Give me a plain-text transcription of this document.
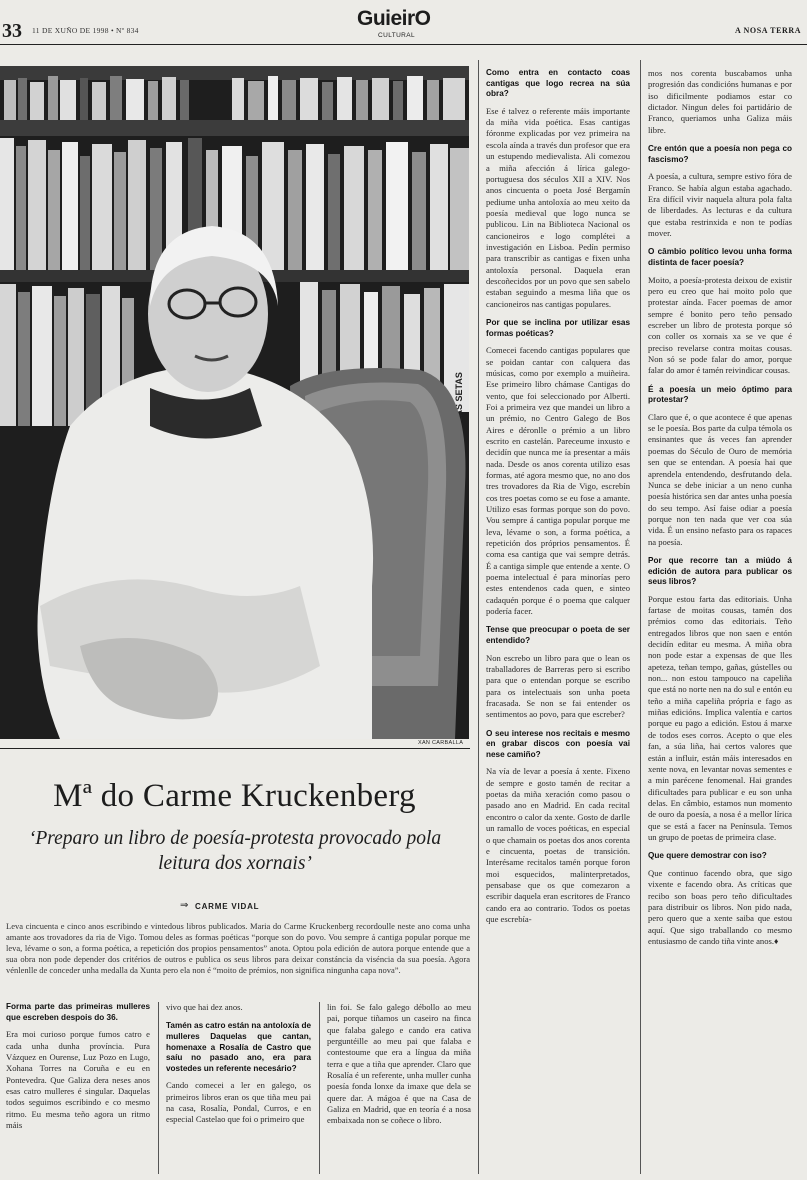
33 11 DE XUÑO DE 1998 • Nº 834
GuieirO
CULTURAL
A NOSA TERRA
LAS SETAS
XAN CARBALLA
Mª do Carme Kruckenberg
‘Preparo un libro de poesía-protesta provocado pola leitura dos xornais’
⇒ CARME VIDAL
Leva cincuenta e cinco anos escribindo e vintedous libros publicados. Maria do Carme Kruckenberg recordoulle neste ano coma unha amante aos trovadores da ria de Vigo. Tomou deles as formas poéticas “porque son do povo. Vou sempre á cantiga popular porque me leva, lévame o son, a forma poética, a repetición dos propios pensamentos” anota. Optou pola edición de autora porque entende que a sua obra non pode depender dos critérios de outros e publica os seus libros para deixar constáncia da viséncia da sua poesía. Agora vénlenlle de conceder unha medalla da Xunta pero ela non é “moito de prémios, non significa ningunha capa nova”.

Forma parte das primeiras mulleres que escreben despois do 36.

Era moi curioso porque fumos catro e cada unha dunha província. Pura Vázquez en Ourense, Luz Pozo en Lugo, Xohana Torres na Coruña e eu en Pontevedra. Que Galiza dera neses anos esas catro mulleres é singular. Daquelas todos seguimos escribindo e co mesmo ritmo. Eu mesma teño agora un ritmo máis

vivo que hai dez anos.

Tamén as catro están na antoloxía de mulleres Daquelas que cantan, homenaxe a Rosalía de Castro que saíu no pasado ano, era para vostedes un referente necesário?

Cando comecei a ler en galego, os primeiros libros eran os que tiña meu pai na casa, Rosalía, Pondal, Curros, e en especial Castelao que foi o primeiro que

lin foi. Se falo galego débollo ao meu pai, porque tiñamos un caseiro na finca que falaba galego e cando era cativa perguntéille ao meu pai que falaba e contestoume que era a língua da miña terra e que a tiña que aprender. Claro que Rosalía é un referente, unha muller cunha poesía fonda lonxe da imaxe que dela se quere dar. A mágoa é que na Casa de Galiza en Madrid, que en teoría é a nosa embaixada non se coñece o libro.

Como entra en contacto coas cantigas que logo recrea na súa obra?

Ese é talvez o referente máis importante da miña vida poética. Esas cantigas fóronme explicadas por vez primeira na escola aínda a través dun profesor que era un estupendo medievalista. Ali comezou a miña afección á lírica galego-portuguesa dos séculos XII a XIV. Nos anos cincuenta o poeta José Bergamín pediume unha antoloxía ao meu xeito da poesía medieval que logo nunca se publicou. Lin na Biblioteca Nacional os cancioneiros e logo complétei a investigación en Lisboa. Pedín permiso para transcribir as cantigas e fixen unha antoloxía personal. Daquela eran descoñecidos por un povo que sen sabelo estaban seguindo a mesma liña que os cancioneiros nas cantigas populares.

Por que se inclina por utilizar esas formas poéticas?

Comecei facendo cantigas populares que se poidan cantar con calquera das músicas, como por exemplo a muiñeira. Ese primeiro libro chámase Cantigas do vento, que foi seleccionado por Alberti. Foi a primeira vez que mandei un libro a un prémio, no Centro Galego de Bos Aires e déronlle o prémio a un libro escrito en castelán. Pareceume inxusto e decidín que nunca me ía presentar a máis nada. Desde os anos corenta utilizo esas formas, até agora mesmo que, no ano dos tres trovadores da Ria de Vigo, escrebín cos tres poetas como se eu fose a amante. Utilizo esas formas porque son do povo. Vou sempre á cantiga popular porque me leva, lévame o son, a forma poética, a repetición dos próprios pensamentos. É coma esa cantiga que vai sempre detrás. É a cantiga simple que entende a xente. O poema intelectual é para minorías pero estes entendenos cada quen, e sinteo cadaquén porque é o poema que calquer podería facer.

Tense que preocupar o poeta de ser entendido?

Non escrebo un libro para que o lean os traballadores de Barreras pero si escribo para que o entendan porque se escribo para os intelectuais son unha poeta fracasada. Se non se fai entender os sentimentos ao povo, para que escreber?

O seu interese nos recitais e mesmo en grabar discos con poesía vai nese camiño?

Na vía de levar a poesía á xente. Fixeno de sempre e gosto tamén de recitar a poetas da miña xeración como pasou o pasado ano en Madrid. En cada recital encontro o calor da xente. Gosto de darlle un ramallo de voces poéticas, en especial o que chamain os poetas dos anos corenta e cincuenta, poetas de transición. Interésame recitalos tamén porque foron moi esquecidos, malinterpretados, pensabase que os que comezaron a escribir daquela eran escritores de Franco cando era ao contrario. Todos os poetas que escrebía-

mos nos corenta buscabamos unha progresión das condicións humanas e por iso dificilmente podiamos estar co dictador. Ningun deles foi partidário de Franco, queriamos unha Galiza máis libre.

Cre entón que a poesía non pega co fascismo?

A poesía, a cultura, sempre estivo fóra de Franco. Se había algun estaba agachado. Era difícil vivir naquela altura pola falta de liberdades. As lecturas e da cultura que estaba restrinxida e non te podías mover.

O câmbio político levou unha forma distinta de facer poesía?

Moito, a poesía-protesta deixou de existir pero eu creo que hai moito polo que protestar aínda. Facer poemas de amor sempre é bonito pero teño pensado escreber un libro de protesta porque só con coller os xornais xa se ve que é preciso revelarse contra moitas cousas. Non só se pode falar do amor, porque falar do amor é tamén reivindicar cousas.

É a poesía un meio óptimo para protestar?

Claro que é, o que acontece é que apenas se le poesía. Bos parte da culpa témola os ensinantes que ás veces fan aprender poemas do Século de Ouro de memória sen que se entendan. A poesía hai que aprendela entendendo, desfrutando dela. Nunca se debe iniciar a un neno cunha poesía histórica sen dar antes unha poesía do seu tempo. Así faise odiar a poesía porque non ten nada que ver coa súa vida. É un ensino nefasto para os rapaces na poesía.

Por que recorre tan a miúdo á edición de autora para publicar os seus libros?

Porque estou farta das editoriais. Unha fartase de moitas cousas, tamén dos prémios como das editoriais. Teño entregados libros que non saen e entón decidín editar eu mesma. A miña obra non pode estar a expensas de que lles apeteza, teñan tempo, gañas, gústelles ou non... non estou tampouco na capeliña que está no norte nen na do sul e entón eu teño a miña capeliña própria e fago as miñas edicións. Implica valentía e cartos porque eu pago a edición. Estou á marxe de todos eses corros. Acepto o que eles fan, a súa liña, hai certos valores que están a influir, están máis interesados en xente nova, en levantar novas sementes e a min parécene fenomenal. Hai grandes dificultades para publicar e eu son unha delas. En câmbio, estamos nun momento de ouro da poesía, a nosa é a mellor lírica que se está a facer na Península. Temos un grupo de poetas de primeira clase.

Que quere demostrar con iso?

Que continuo facendo obra, que sigo vixente e facendo obra. As críticas que recibo son boas pero teño dificultades para distribuir os libros. Non pido nada, pero quero que a xente saiba que estou aquí. Que sigo traballando co mesmo entusiasmo de cando tiña vinte anos.♦
